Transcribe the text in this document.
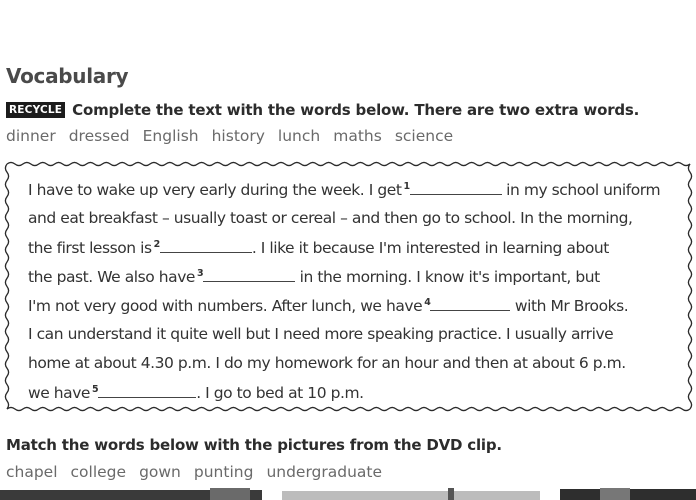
Vocabulary
RECYCLE Complete the text with the words below. There are two extra words.
dinner dressed English history lunch maths science
I have to wake up very early during the week. I get $^1$	in my school uniform
and eat breakfast – usually toast or cereal – and then go to school. In the morning,
the first lesson is $^2$	. I like it because I'm interested in learning about
the past. We also have $^3$	in the morning. I know it's important, but
I'm not very good with numbers. After lunch, we have $^4$	with Mr Brooks.
I can understand it quite well but I need more speaking practice. I usually arrive
home at about 4.30 p.m. I do my homework for an hour and then at about 6 p.m.
we have $^5$	. I go to bed at 10 p.m.
Match the words below with the pictures from the DVD clip.
chapel college gown punting undergraduate
